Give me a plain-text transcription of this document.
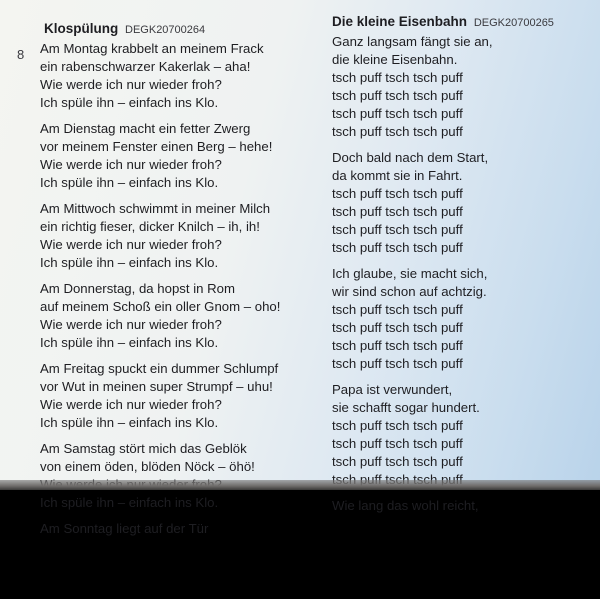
8
Klospülung DEGK20700264
Am Montag krabbelt an meinem Frack
ein rabenschwarzer Kakerlak – aha!
Wie werde ich nur wieder froh?
Ich spüle ihn – einfach ins Klo.
Am Dienstag macht ein fetter Zwerg
vor meinem Fenster einen Berg – hehe!
Wie werde ich nur wieder froh?
Ich spüle ihn – einfach ins Klo.
Am Mittwoch schwimmt in meiner Milch
ein richtig fieser, dicker Knilch – ih, ih!
Wie werde ich nur wieder froh?
Ich spüle ihn – einfach ins Klo.
Am Donnerstag, da hopst in Rom
auf meinem Schoß ein oller Gnom – oho!
Wie werde ich nur wieder froh?
Ich spüle ihn – einfach ins Klo.
Am Freitag spuckt ein dummer Schlumpf
vor Wut in meinen super Strumpf – uhu!
Wie werde ich nur wieder froh?
Ich spüle ihn – einfach ins Klo.
Am Samstag stört mich das Geblök
von einem öden, blöden Nöck – öhö!
Ich spüle ihn – einfach ins Klo.
Am Sonntag liegt auf der Tür
Die kleine Eisenbahn DEGK20700265
Ganz langsam fängt sie an,
die kleine Eisenbahn.
tsch puff tsch tsch puff
tsch puff tsch tsch puff
tsch puff tsch tsch puff
tsch puff tsch tsch puff
Doch bald nach dem Start,
da kommt sie in Fahrt.
tsch puff tsch tsch puff
tsch puff tsch tsch puff
tsch puff tsch tsch puff
tsch puff tsch tsch puff
Ich glaube, sie macht sich,
wir sind schon auf achtzig.
tsch puff tsch tsch puff
tsch puff tsch tsch puff
tsch puff tsch tsch puff
tsch puff tsch tsch puff
Papa ist verwundert,
sie schafft sogar hundert.
tsch puff tsch tsch puff
tsch puff tsch tsch puff
tsch puff tsch tsch puff
Wie lang das wohl reicht,
